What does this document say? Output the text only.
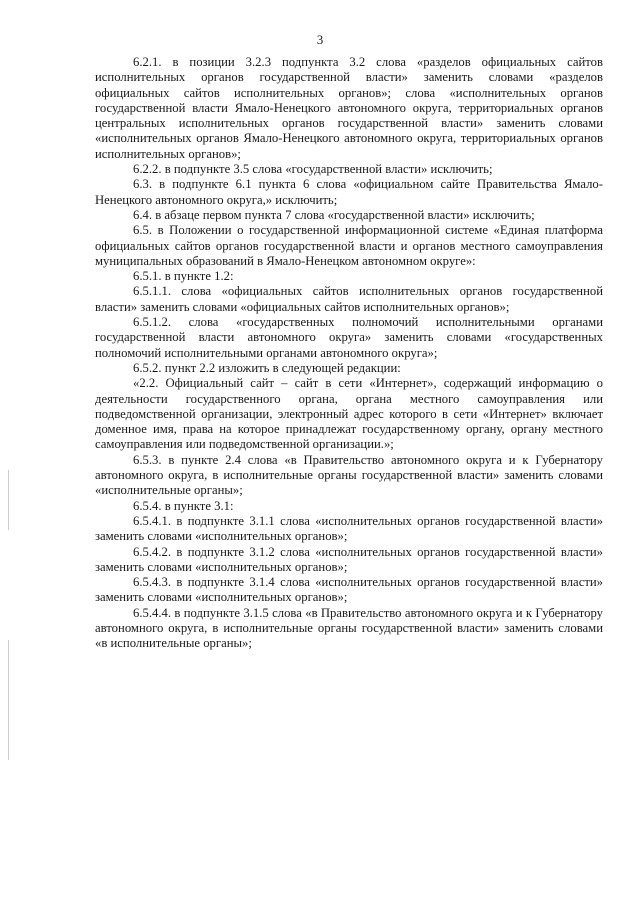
3

6.2.1. в позиции 3.2.3 подпункта 3.2 слова «разделов официальных сайтов исполнительных органов государственной власти» заменить словами «разделов официальных сайтов исполнительных органов»; слова «исполнительных органов государственной власти Ямало-Ненецкого автономного округа, территориальных органов центральных исполнительных органов государственной власти» заменить словами «исполнительных органов Ямало-Ненецкого автономного округа, территориальных органов исполнительных органов»;

6.2.2. в подпункте 3.5 слова «государственной власти» исключить;

6.3. в подпункте 6.1 пункта 6 слова «официальном сайте Правительства Ямало-Ненецкого автономного округа,» исключить;

6.4. в абзаце первом пункта 7 слова «государственной власти» исключить;

6.5. в Положении о государственной информационной системе «Единая платформа официальных сайтов органов государственной власти и органов местного самоуправления муниципальных образований в Ямало-Ненецком автономном округе»:

6.5.1. в пункте 1.2:

6.5.1.1. слова «официальных сайтов исполнительных органов государственной власти» заменить словами «официальных сайтов исполнительных органов»;

6.5.1.2. слова «государственных полномочий исполнительными органами государственной власти автономного округа» заменить словами «государственных полномочий исполнительными органами автономного округа»;

6.5.2. пункт 2.2 изложить в следующей редакции:

«2.2. Официальный сайт – сайт в сети «Интернет», содержащий информацию о деятельности государственного органа, органа местного самоуправления или подведомственной организации, электронный адрес которого в сети «Интернет» включает доменное имя, права на которое принадлежат государственному органу, органу местного самоуправления или подведомственной организации.»;

6.5.3. в пункте 2.4 слова «в Правительство автономного округа и к Губернатору автономного округа, в исполнительные органы государственной власти» заменить словами «исполнительные органы»;

6.5.4. в пункте 3.1:

6.5.4.1. в подпункте 3.1.1 слова «исполнительных органов государственной власти» заменить словами «исполнительных органов»;

6.5.4.2. в подпункте 3.1.2 слова «исполнительных органов государственной власти» заменить словами «исполнительных органов»;

6.5.4.3. в подпункте 3.1.4 слова «исполнительных органов государственной власти» заменить словами «исполнительных органов»;

6.5.4.4. в подпункте 3.1.5 слова «в Правительство автономного округа и к Губернатору автономного округа, в исполнительные органы государственной власти» заменить словами «в исполнительные органы»;
